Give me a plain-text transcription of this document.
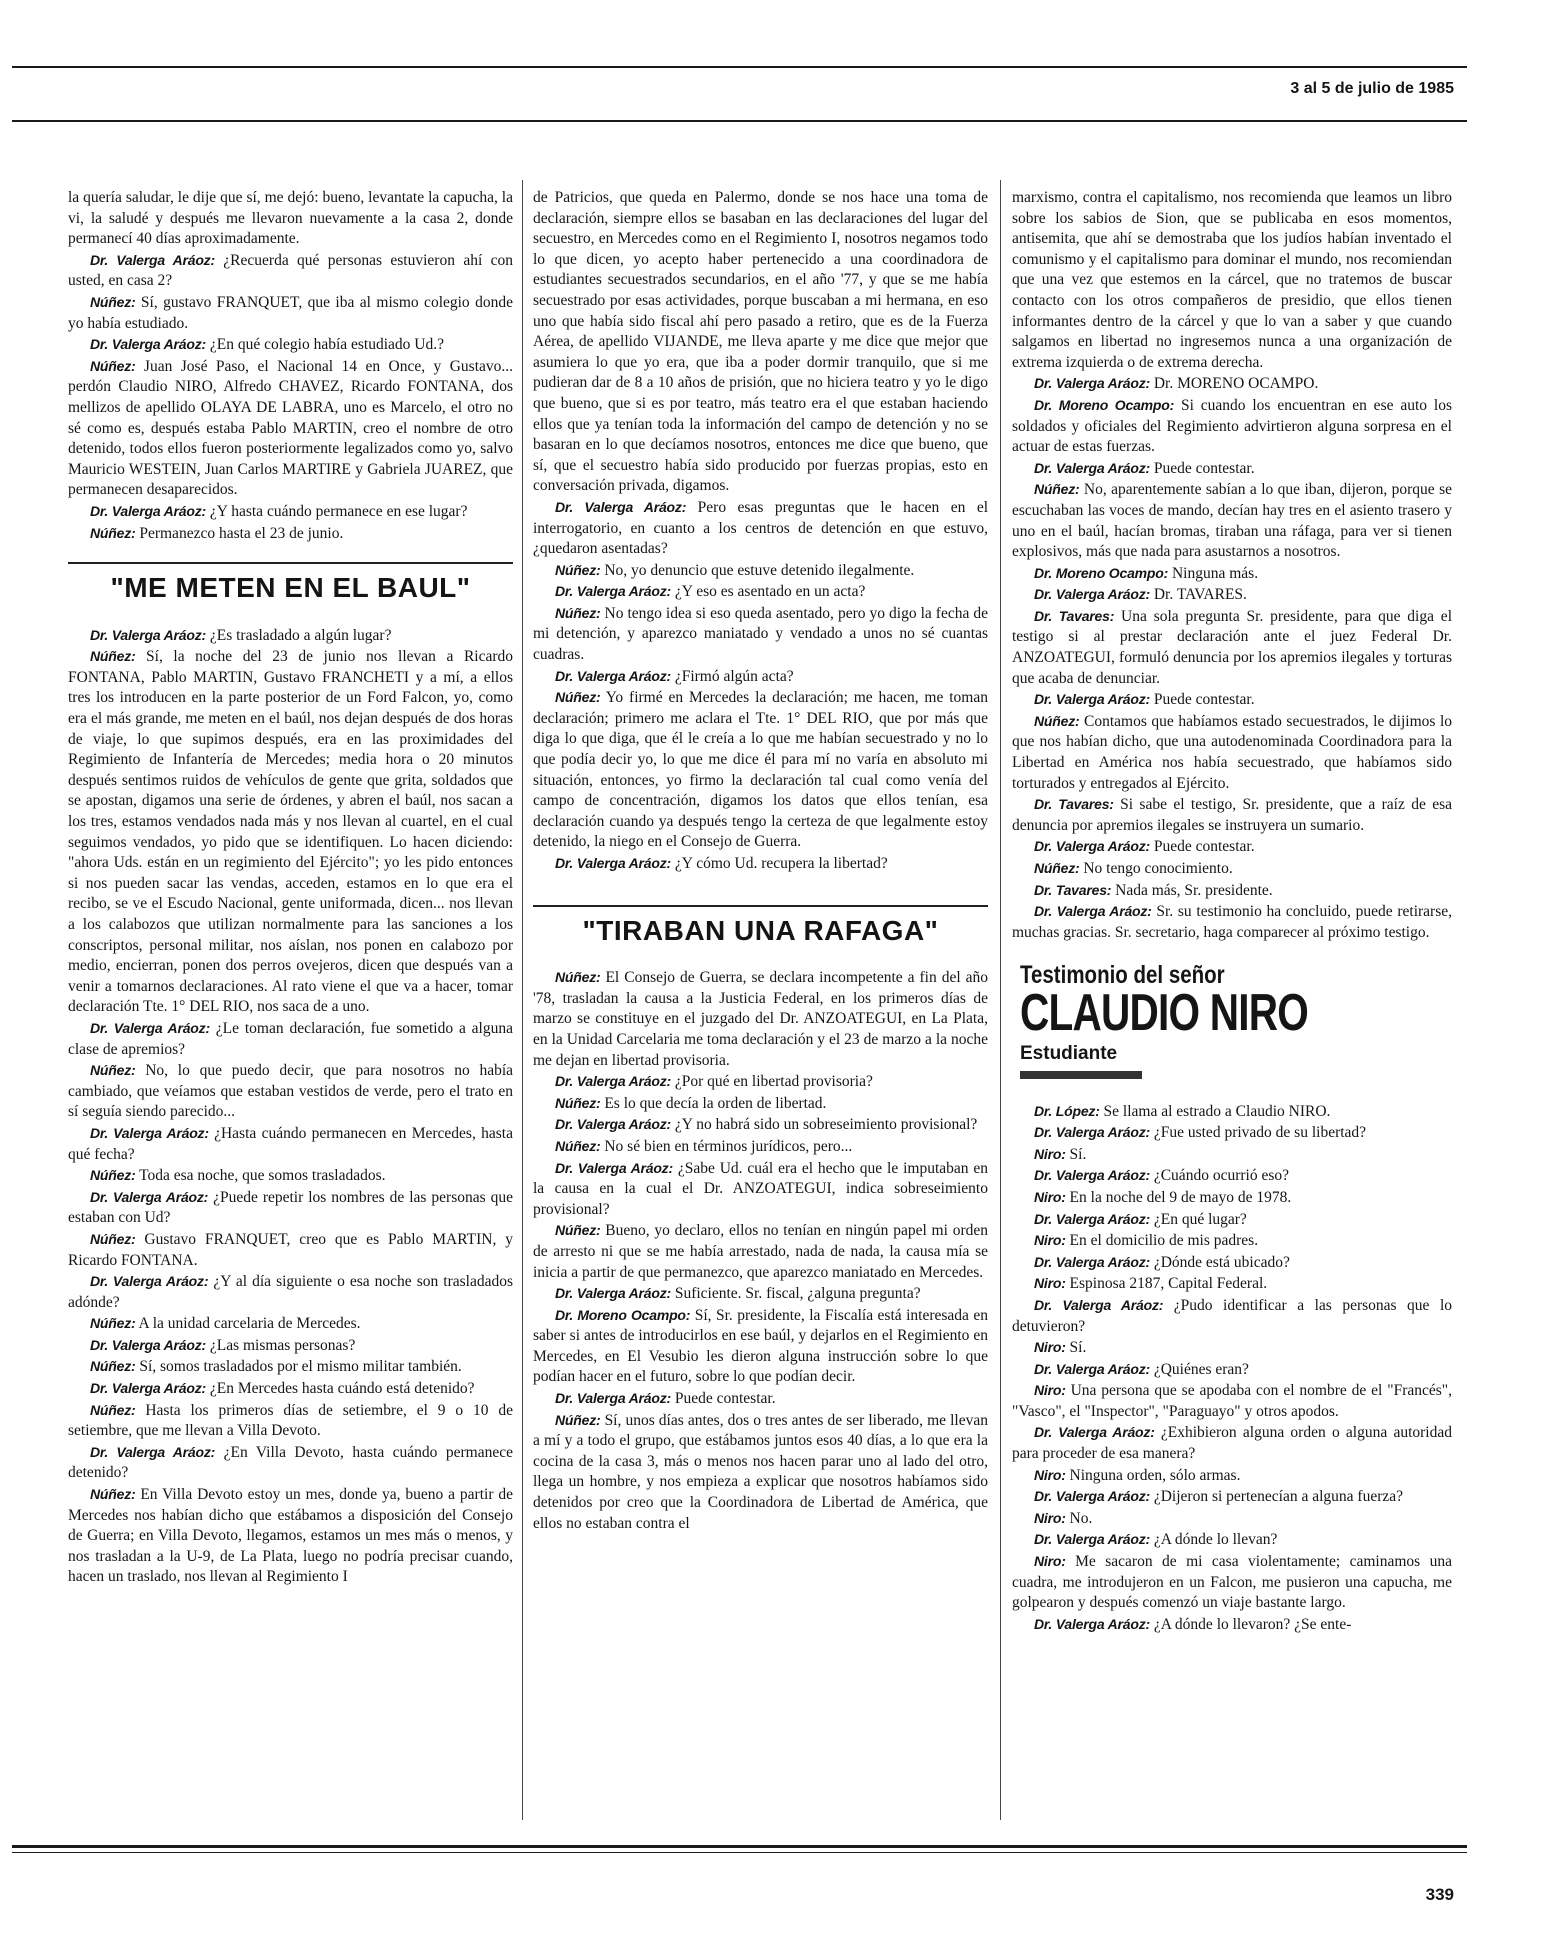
3 al 5 de julio de 1985

la quería saludar, le dije que sí, me dejó: bueno, levantate la capucha, la vi, la saludé y después me llevaron nuevamente a la casa 2, donde permanecí 40 días aproximadamente.

Dr. Valerga Aráoz: ¿Recuerda qué personas estuvieron ahí con usted, en casa 2?

Núñez: Sí, gustavo FRANQUET, que iba al mismo colegio donde yo había estudiado.

Dr. Valerga Aráoz: ¿En qué colegio había estudiado Ud.?

Núñez: Juan José Paso, el Nacional 14 en Once, y Gustavo... perdón Claudio NIRO, Alfredo CHAVEZ, Ricardo FONTANA, dos mellizos de apellido OLAYA DE LABRA, uno es Marcelo, el otro no sé como es, después estaba Pablo MARTIN, creo el nombre de otro detenido, todos ellos fueron posteriormente legalizados como yo, salvo Mauricio WESTEIN, Juan Carlos MARTIRE y Gabriela JUAREZ, que permanecen desaparecidos.

Dr. Valerga Aráoz: ¿Y hasta cuándo permanece en ese lugar?

Núñez: Permanezco hasta el 23 de junio.

"ME METEN EN EL BAUL"

Dr. Valerga Aráoz: ¿Es trasladado a algún lugar?

Núñez: Sí, la noche del 23 de junio nos llevan a Ricardo FONTANA, Pablo MARTIN, Gustavo FRANCHETI y a mí, a ellos tres los introducen en la parte posterior de un Ford Falcon, yo, como era el más grande, me meten en el baúl, nos dejan después de dos horas de viaje, lo que supimos después, era en las proximidades del Regimiento de Infantería de Mercedes; media hora o 20 minutos después sentimos ruidos de vehículos de gente que grita, soldados que se apostan, digamos una serie de órdenes, y abren el baúl, nos sacan a los tres, estamos vendados nada más y nos llevan al cuartel, en el cual seguimos vendados, yo pido que se identifiquen. Lo hacen diciendo: "ahora Uds. están en un regimiento del Ejército"; yo les pido entonces si nos pueden sacar las vendas, acceden, estamos en lo que era el recibo, se ve el Escudo Nacional, gente uniformada, dicen... nos llevan a los calabozos que utilizan normalmente para las sanciones a los conscriptos, personal militar, nos aíslan, nos ponen en calabozo por medio, encierran, ponen dos perros ovejeros, dicen que después van a venir a tomarnos declaraciones. Al rato viene el que va a hacer, tomar declaración Tte. 1° DEL RIO, nos saca de a uno.

Dr. Valerga Aráoz: ¿Le toman declaración, fue sometido a alguna clase de apremios?

Núñez: No, lo que puedo decir, que para nosotros no había cambiado, que veíamos que estaban vestidos de verde, pero el trato en sí seguía siendo parecido...

Dr. Valerga Aráoz: ¿Hasta cuándo permanecen en Mercedes, hasta qué fecha?

Núñez: Toda esa noche, que somos trasladados.

Dr. Valerga Aráoz: ¿Puede repetir los nombres de las personas que estaban con Ud?

Núñez: Gustavo FRANQUET, creo que es Pablo MARTIN, y Ricardo FONTANA.

Dr. Valerga Aráoz: ¿Y al día siguiente o esa noche son trasladados adónde?

Núñez: A la unidad carcelaria de Mercedes.

Dr. Valerga Aráoz: ¿Las mismas personas?

Núñez: Sí, somos trasladados por el mismo militar también.

Dr. Valerga Aráoz: ¿En Mercedes hasta cuándo está detenido?

Núñez: Hasta los primeros días de setiembre, el 9 o 10 de setiembre, que me llevan a Villa Devoto.

Dr. Valerga Aráoz: ¿En Villa Devoto, hasta cuándo permanece detenido?

Núñez: En Villa Devoto estoy un mes, donde ya, bueno a partir de Mercedes nos habían dicho que estábamos a disposición del Consejo de Guerra; en Villa Devoto, llegamos, estamos un mes más o menos, y nos trasladan a la U-9, de La Plata, luego no podría precisar cuando, hacen un traslado, nos llevan al Regimiento I

de Patricios, que queda en Palermo, donde se nos hace una toma de declaración, siempre ellos se basaban en las declaraciones del lugar del secuestro, en Mercedes como en el Regimiento I, nosotros negamos todo lo que dicen, yo acepto haber pertenecido a una coordinadora de estudiantes secuestrados secundarios, en el año '77, y que se me había secuestrado por esas actividades, porque buscaban a mi hermana, en eso uno que había sido fiscal ahí pero pasado a retiro, que es de la Fuerza Aérea, de apellido VIJANDE, me lleva aparte y me dice que mejor que asumiera lo que yo era, que iba a poder dormir tranquilo, que si me pudieran dar de 8 a 10 años de prisión, que no hiciera teatro y yo le digo que bueno, que si es por teatro, más teatro era el que estaban haciendo ellos que ya tenían toda la información del campo de detención y no se basaran en lo que decíamos nosotros, entonces me dice que bueno, que sí, que el secuestro había sido producido por fuerzas propias, esto en conversación privada, digamos.

Dr. Valerga Aráoz: Pero esas preguntas que le hacen en el interrogatorio, en cuanto a los centros de detención en que estuvo, ¿quedaron asentadas?

Núñez: No, yo denuncio que estuve detenido ilegalmente.

Dr. Valerga Aráoz: ¿Y eso es asentado en un acta?

Núñez: No tengo idea si eso queda asentado, pero yo digo la fecha de mi detención, y aparezco maniatado y vendado a unos no sé cuantas cuadras.

Dr. Valerga Aráoz: ¿Firmó algún acta?

Núñez: Yo firmé en Mercedes la declaración; me hacen, me toman declaración; primero me aclara el Tte. 1° DEL RIO, que por más que diga lo que diga, que él le creía a lo que me habían secuestrado y no lo que podía decir yo, lo que me dice él para mí no varía en absoluto mi situación, entonces, yo firmo la declaración tal cual como venía del campo de concentración, digamos los datos que ellos tenían, esa declaración cuando ya después tengo la certeza de que legalmente estoy detenido, la niego en el Consejo de Guerra.

Dr. Valerga Aráoz: ¿Y cómo Ud. recupera la libertad?

"TIRABAN UNA RAFAGA"

Núñez: El Consejo de Guerra, se declara incompetente a fin del año '78, trasladan la causa a la Justicia Federal, en los primeros días de marzo se constituye en el juzgado del Dr. ANZOATEGUI, en La Plata, en la Unidad Carcelaria me toma declaración y el 23 de marzo a la noche me dejan en libertad provisoria.

Dr. Valerga Aráoz: ¿Por qué en libertad provisoria?

Núñez: Es lo que decía la orden de libertad.

Dr. Valerga Aráoz: ¿Y no habrá sido un sobreseimiento provisional?

Núñez: No sé bien en términos jurídicos, pero...

Dr. Valerga Aráoz: ¿Sabe Ud. cuál era el hecho que le imputaban en la causa en la cual el Dr. ANZOATEGUI, indica sobreseimiento provisional?

Núñez: Bueno, yo declaro, ellos no tenían en ningún papel mi orden de arresto ni que se me había arrestado, nada de nada, la causa mía se inicia a partir de que permanezco, que aparezco maniatado en Mercedes.

Dr. Valerga Aráoz: Suficiente. Sr. fiscal, ¿alguna pregunta?

Dr. Moreno Ocampo: Sí, Sr. presidente, la Fiscalía está interesada en saber si antes de introducirlos en ese baúl, y dejarlos en el Regimiento en Mercedes, en El Vesubio les dieron alguna instrucción sobre lo que podían hacer en el futuro, sobre lo que podían decir.

Dr. Valerga Aráoz: Puede contestar.

Núñez: Sí, unos días antes, dos o tres antes de ser liberado, me llevan a mí y a todo el grupo, que estábamos juntos esos 40 días, a lo que era la cocina de la casa 3, más o menos nos hacen parar uno al lado del otro, llega un hombre, y nos empieza a explicar que nosotros habíamos sido detenidos por creo que la Coordinadora de Libertad de América, que ellos no estaban contra el

marxismo, contra el capitalismo, nos recomienda que leamos un libro sobre los sabios de Sion, que se publicaba en esos momentos, antisemita, que ahí se demostraba que los judíos habían inventado el comunismo y el capitalismo para dominar el mundo, nos recomiendan que una vez que estemos en la cárcel, que no tratemos de buscar contacto con los otros compañeros de presidio, que ellos tienen informantes dentro de la cárcel y que lo van a saber y que cuando salgamos en libertad no ingresemos nunca a una organización de extrema izquierda o de extrema derecha.

Dr. Valerga Aráoz: Dr. MORENO OCAMPO.

Dr. Moreno Ocampo: Si cuando los encuentran en ese auto los soldados y oficiales del Regimiento advirtieron alguna sorpresa en el actuar de estas fuerzas.

Dr. Valerga Aráoz: Puede contestar.

Núñez: No, aparentemente sabían a lo que iban, dijeron, porque se escuchaban las voces de mando, decían hay tres en el asiento trasero y uno en el baúl, hacían bromas, tiraban una ráfaga, para ver si tienen explosivos, más que nada para asustarnos a nosotros.

Dr. Moreno Ocampo: Ninguna más.

Dr. Valerga Aráoz: Dr. TAVARES.

Dr. Tavares: Una sola pregunta Sr. presidente, para que diga el testigo si al prestar declaración ante el juez Federal Dr. ANZOATEGUI, formuló denuncia por los apremios ilegales y torturas que acaba de denunciar.

Dr. Valerga Aráoz: Puede contestar.

Núñez: Contamos que habíamos estado secuestrados, le dijimos lo que nos habían dicho, que una autodenominada Coordinadora para la Libertad en América nos había secuestrado, que habíamos sido torturados y entregados al Ejército.

Dr. Tavares: Si sabe el testigo, Sr. presidente, que a raíz de esa denuncia por apremios ilegales se instruyera un sumario.

Dr. Valerga Aráoz: Puede contestar.

Núñez: No tengo conocimiento.

Dr. Tavares: Nada más, Sr. presidente.

Dr. Valerga Aráoz: Sr. su testimonio ha concluido, puede retirarse, muchas gracias. Sr. secretario, haga comparecer al próximo testigo.

Testimonio del señor
CLAUDIO NIRO
Estudiante

Dr. López: Se llama al estrado a Claudio NIRO.

Dr. Valerga Aráoz: ¿Fue usted privado de su libertad?

Niro: Sí.

Dr. Valerga Aráoz: ¿Cuándo ocurrió eso?

Niro: En la noche del 9 de mayo de 1978.

Dr. Valerga Aráoz: ¿En qué lugar?

Niro: En el domicilio de mis padres.

Dr. Valerga Aráoz: ¿Dónde está ubicado?

Niro: Espinosa 2187, Capital Federal.

Dr. Valerga Aráoz: ¿Pudo identificar a las personas que lo detuvieron?

Niro: Sí.

Dr. Valerga Aráoz: ¿Quiénes eran?

Niro: Una persona que se apodaba con el nombre de el "Francés", "Vasco", el "Inspector", "Paraguayo" y otros apodos.

Dr. Valerga Aráoz: ¿Exhibieron alguna orden o alguna autoridad para proceder de esa manera?

Niro: Ninguna orden, sólo armas.

Dr. Valerga Aráoz: ¿Dijeron si pertenecían a alguna fuerza?

Niro: No.

Dr. Valerga Aráoz: ¿A dónde lo llevan?

Niro: Me sacaron de mi casa violentamente; caminamos una cuadra, me introdujeron en un Falcon, me pusieron una capucha, me golpearon y después comenzó un viaje bastante largo.

Dr. Valerga Aráoz: ¿A dónde lo llevaron? ¿Se ente-

339
